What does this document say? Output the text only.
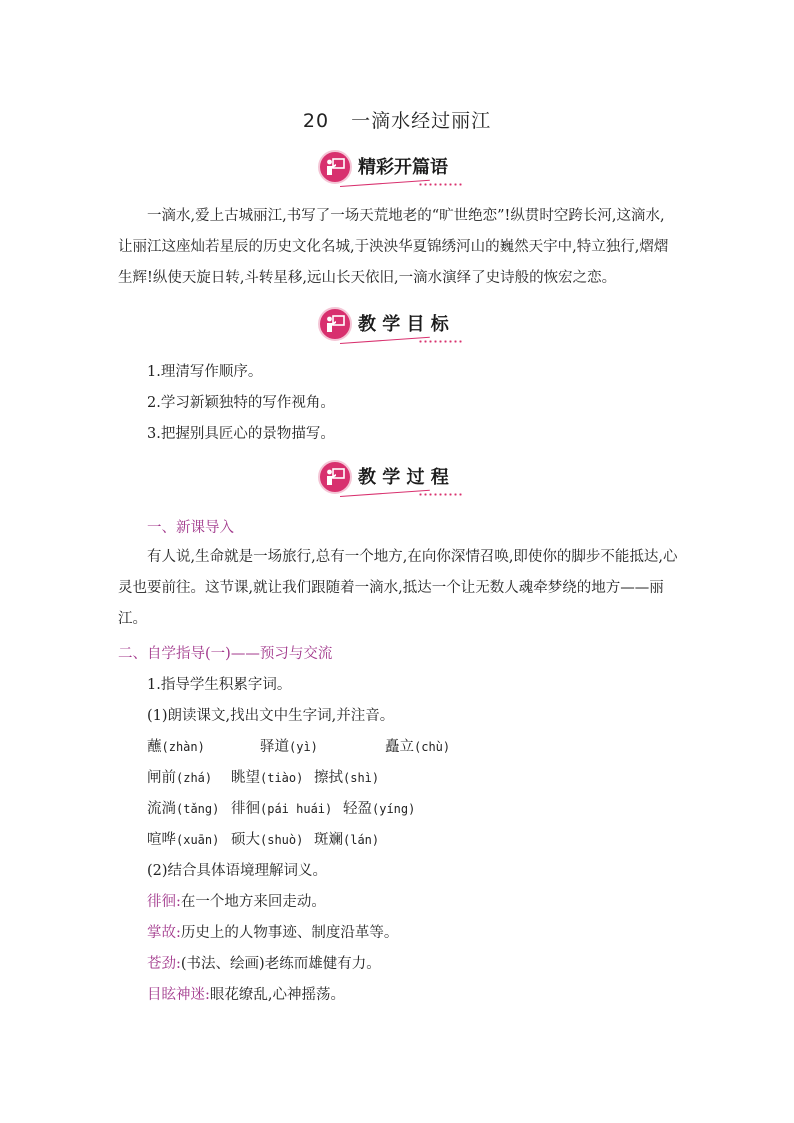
20 一滴水经过丽江
精彩开篇语
一滴水,爱上古城丽江,书写了一场天荒地老的“旷世绝恋”!纵贯时空跨长河,这滴水,让丽江这座灿若星辰的历史文化名城,于泱泱华夏锦绣河山的巍然天宇中,特立独行,熠熠生辉!纵使天旋日转,斗转星移,远山长天依旧,一滴水演绎了史诗般的恢宏之恋。
教 学 目 标
1.理清写作顺序。
2.学习新颖独特的写作视角。
3.把握别具匠心的景物描写。
教 学 过 程
一、新课导入
有人说,生命就是一场旅行,总有一个地方,在向你深情召唤,即使你的脚步不能抵达,心灵也要前往。这节课,就让我们跟随着一滴水,抵达一个让无数人魂牵梦绕的地方——丽江。
二、自学指导(一)——预习与交流
1.指导学生积累字词。
(1)朗读课文,找出文中生字词,并注音。
蘸(zhàn)	驿道(yì)	矗立(chù)
闸前(zhá) 眺望(tiào) 擦拭(shì)
流淌(tǎng) 徘徊(pái huái) 轻盈(yíng)
喧哗(xuān) 硕大(shuò) 斑斓(lán)
(2)结合具体语境理解词义。
徘徊:在一个地方来回走动。
掌故:历史上的人物事迹、制度沿革等。
苍劲:(书法、绘画)老练而雄健有力。
目眩神迷:眼花缭乱,心神摇荡。
